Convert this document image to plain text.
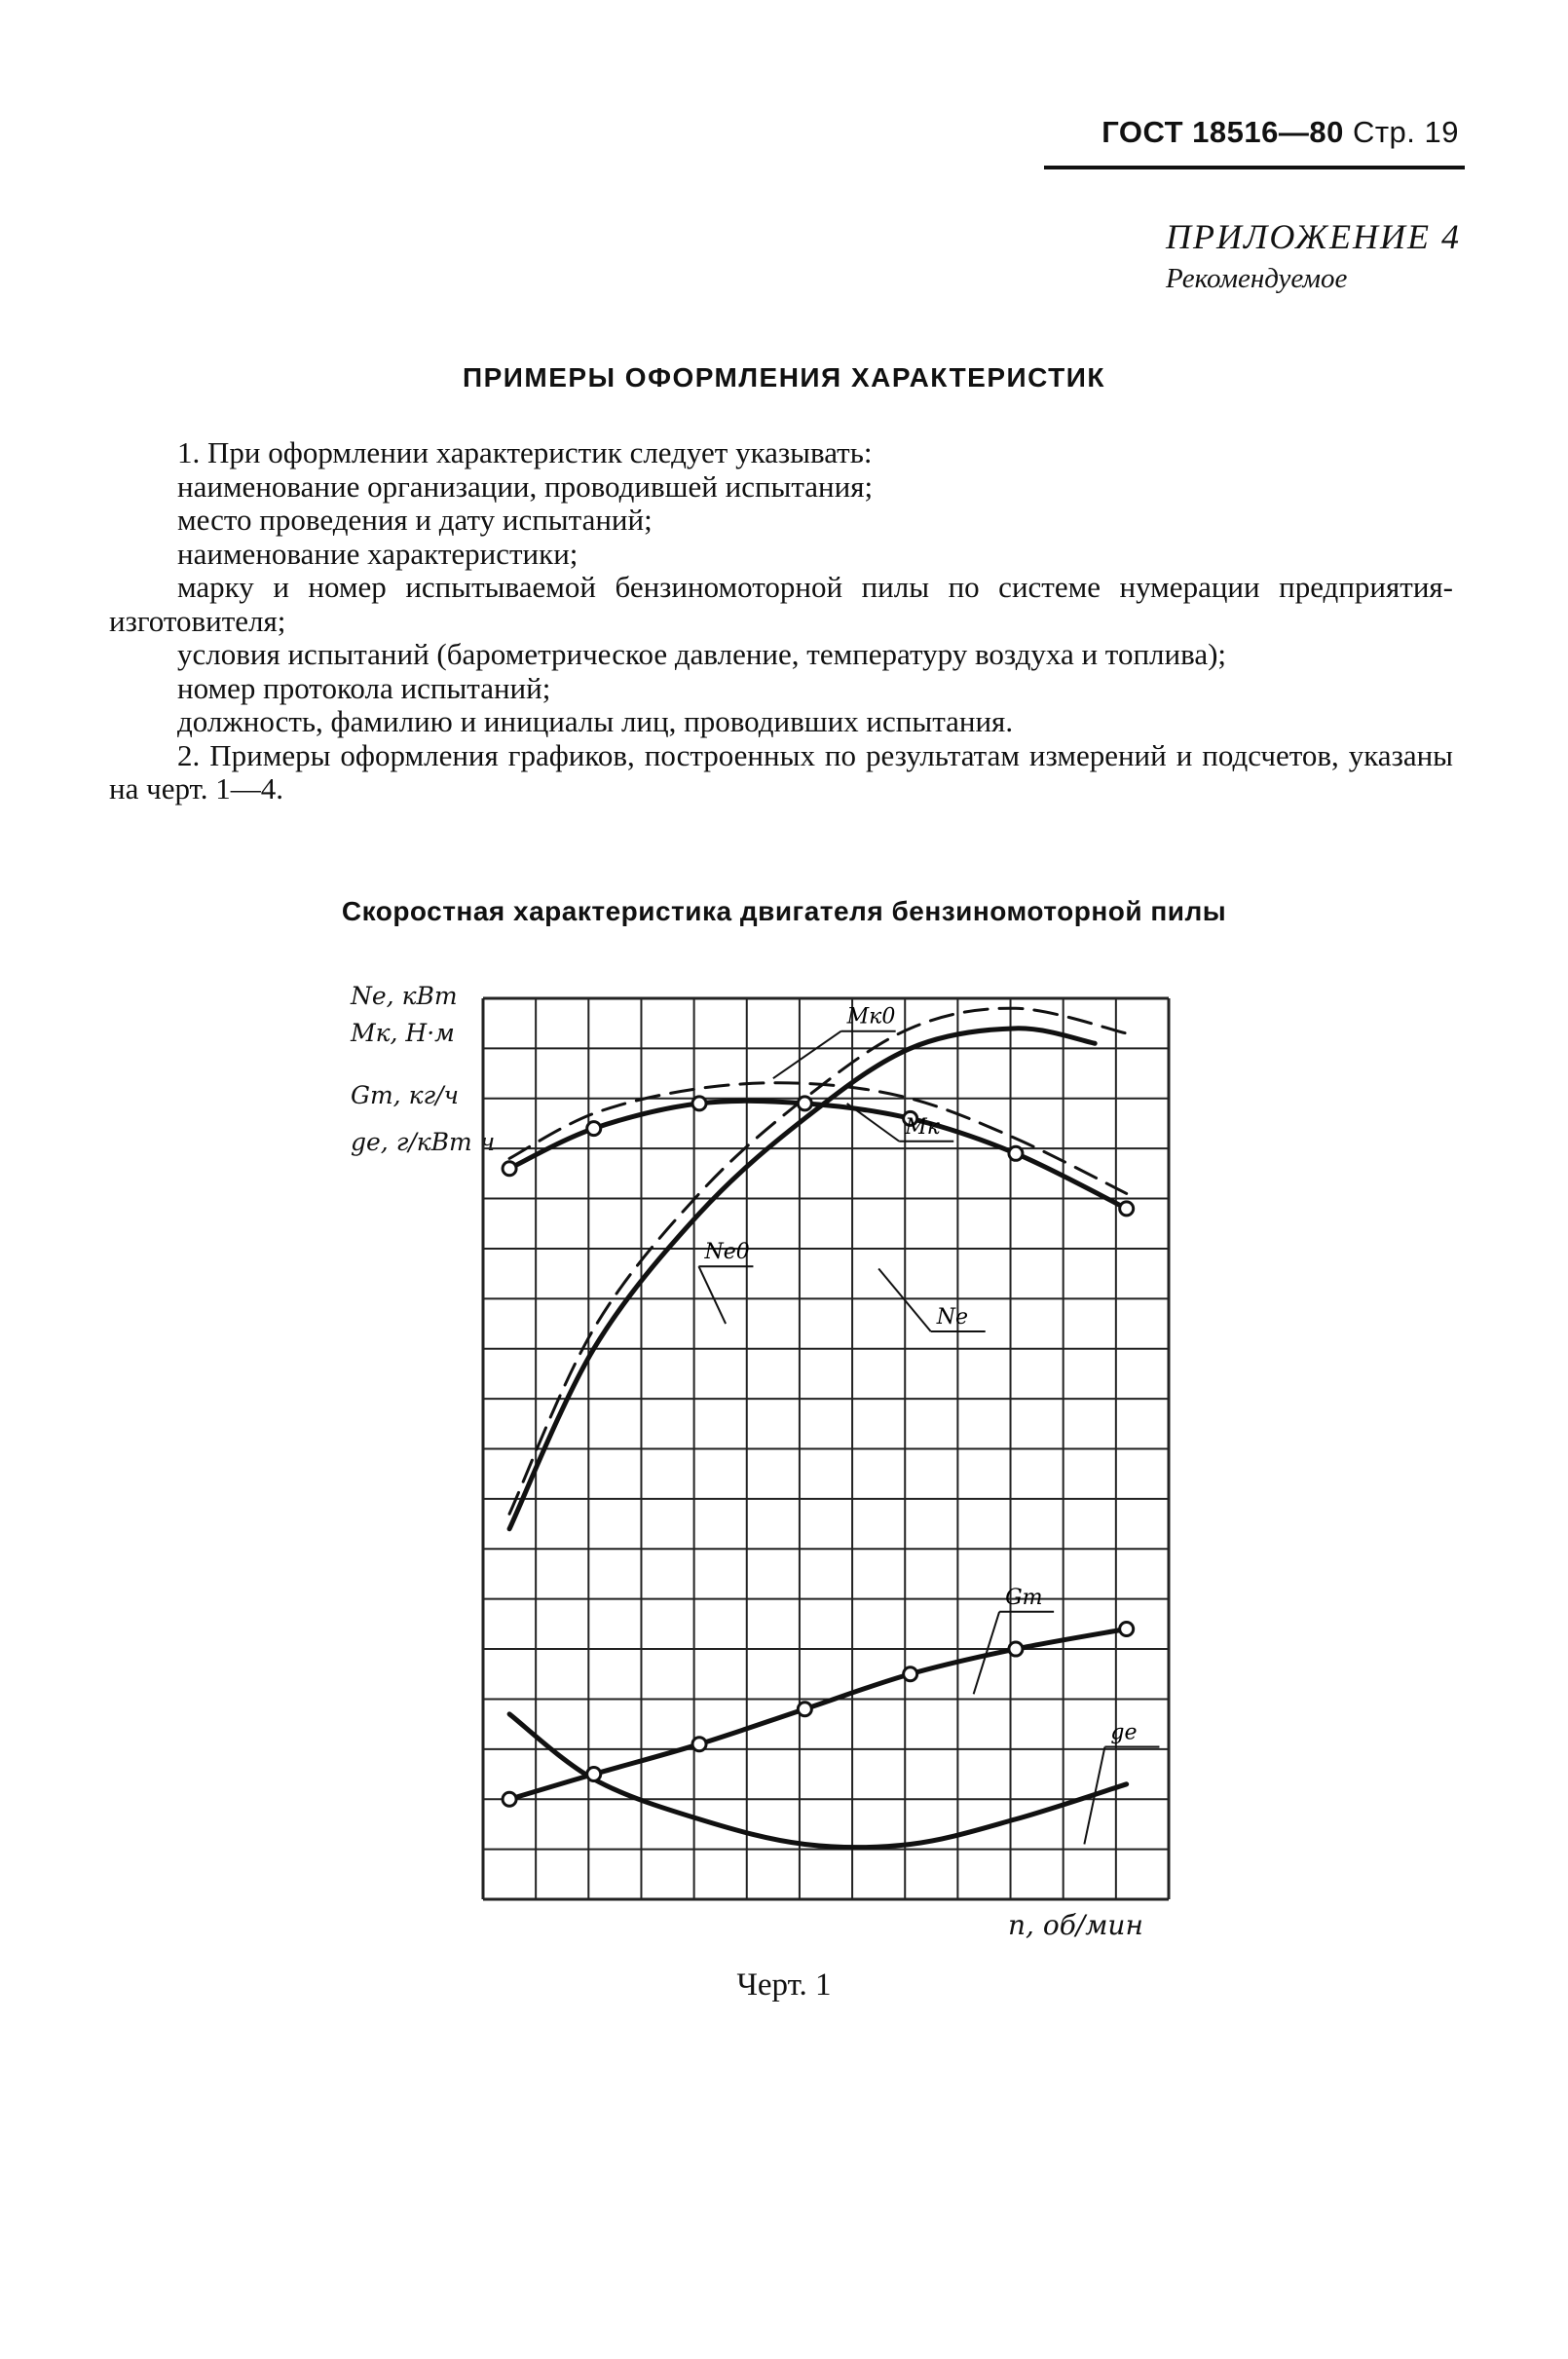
ГОСТ 18516—80 Стр. 19
ПРИЛОЖЕНИЕ 4
Рекомендуемое
ПРИМЕРЫ ОФОРМЛЕНИЯ ХАРАКТЕРИСТИК

1. При оформлении характеристик следует указывать:

наименование организации, проводившей испытания;

место проведения и дату испытаний;

наименование характеристики;

марку и номер испытываемой бензиномоторной пилы по системе нумерации предприятия-изготовителя;

условия испытаний (барометрическое давление, температуру воздуха и топлива);

номер протокола испытаний;

должность, фамилию и инициалы лиц, проводивших испытания.

2. Примеры оформления графиков, построенных по результатам измерений и подсчетов, указаны на черт. 1—4.

Скоростная характеристика двигателя бензиномоторной пилы
Ne, кВт
Mк, Н·м
Gт, кг/ч
ge, г/кВт ч
Mк0
Mк
Ne0
Ne
Gт
ge
n, об/мин
Черт. 1
